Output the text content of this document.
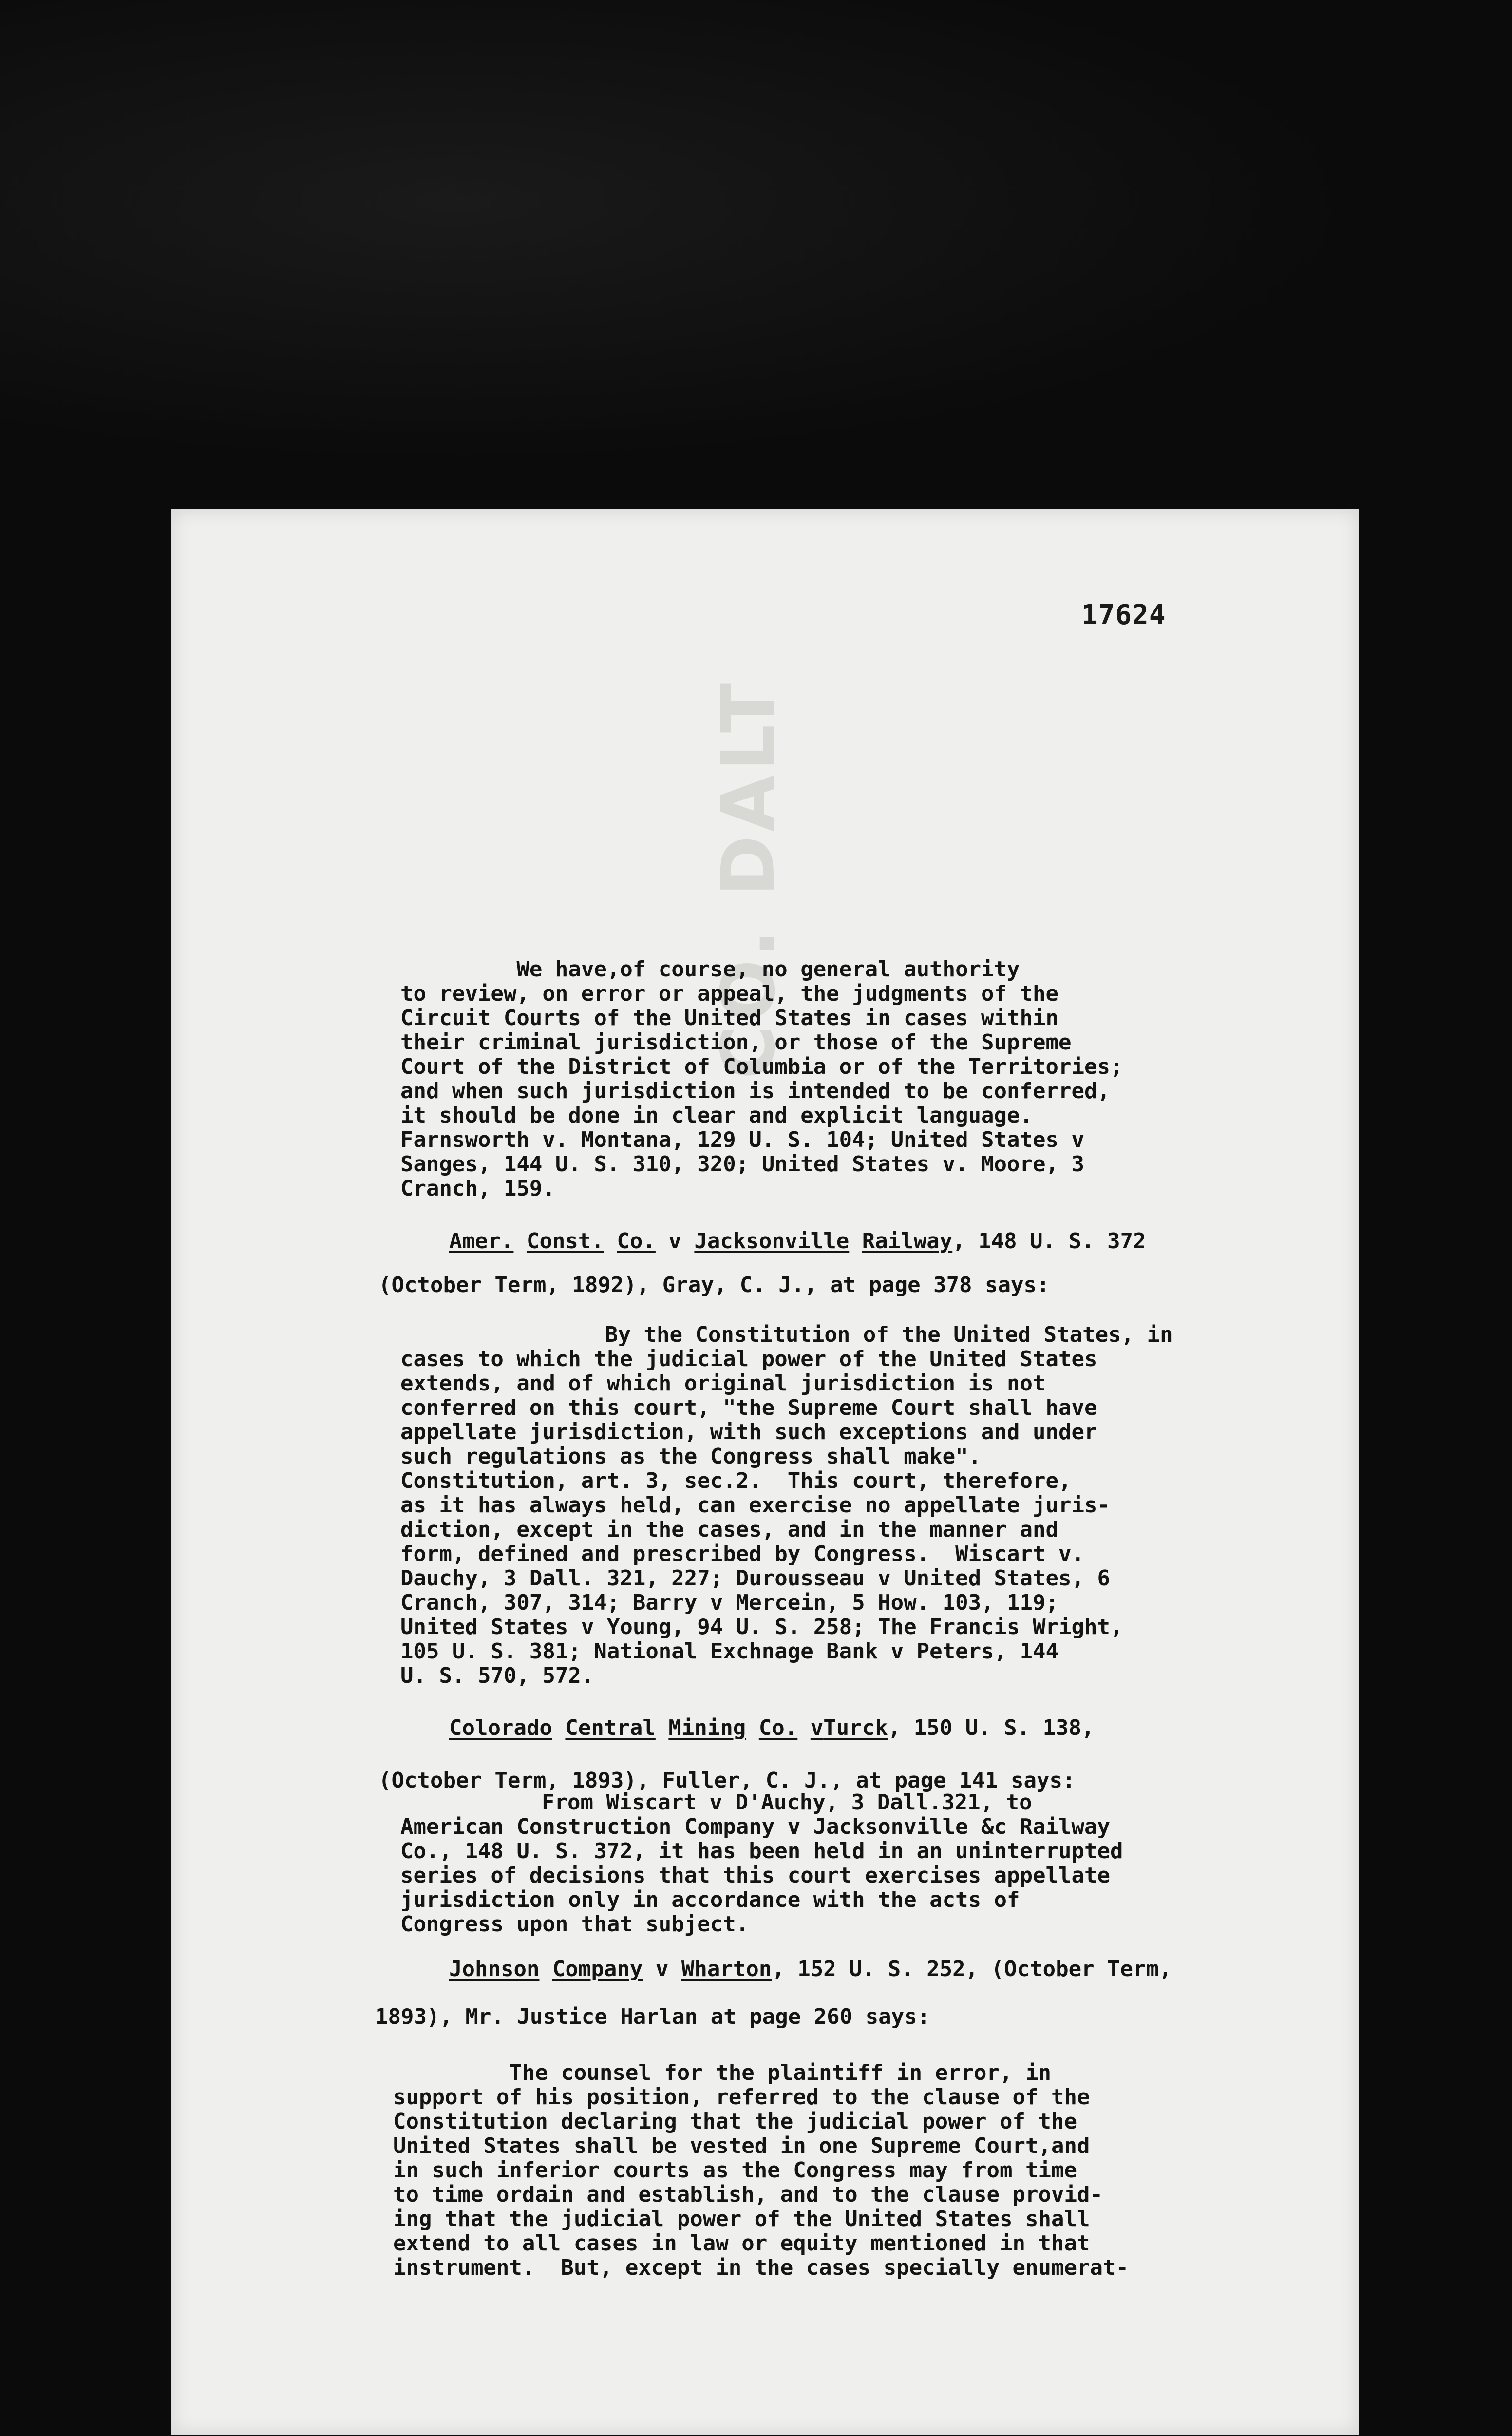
CO. DALT
17624

We have,of course, no general authority
to review, on error or appeal, the judgments of the
Circuit Courts of the United States in cases within
their criminal jurisdiction, or those of the Supreme
Court of the District of Columbia or of the Territories;
and when such jurisdiction is intended to be conferred,
it should be done in clear and explicit language.
Farnsworth v. Montana, 129 U. S. 104; United States v
Sanges, 144 U. S. 310, 320; United States v. Moore, 3
Cranch, 159.

Amer. Const. Co. v Jacksonville Railway, 148 U. S. 372

(October Term, 1892), Gray, C. J., at page 378 says:

By the Constitution of the United States, in
cases to which the judicial power of the United States
extends, and of which original jurisdiction is not
conferred on this court, "the Supreme Court shall have
appellate jurisdiction, with such exceptions and under
such regulations as the Congress shall make".
Constitution, art. 3, sec.2.  This court, therefore,
as it has always held, can exercise no appellate juris-
diction, except in the cases, and in the manner and
form, defined and prescribed by Congress.  Wiscart v.
Dauchy, 3 Dall. 321, 227; Durousseau v United States, 6
Cranch, 307, 314; Barry v Mercein, 5 How. 103, 119;
United States v Young, 94 U. S. 258; The Francis Wright,
105 U. S. 381; National Exchnage Bank v Peters, 144
U. S. 570, 572.

Colorado Central Mining Co. vTurck, 150 U. S. 138,

(October Term, 1893), Fuller, C. J., at page 141 says:

From Wiscart v D'Auchy, 3 Dall.321, to
American Construction Company v Jacksonville &c Railway
Co., 148 U. S. 372, it has been held in an uninterrupted
series of decisions that this court exercises appellate
jurisdiction only in accordance with the acts of
Congress upon that subject.

Johnson Company v Wharton, 152 U. S. 252, (October Term,

1893), Mr. Justice Harlan at page 260 says:

The counsel for the plaintiff in error, in
support of his position, referred to the clause of the
Constitution declaring that the judicial power of the
United States shall be vested in one Supreme Court,and
in such inferior courts as the Congress may from time
to time ordain and establish, and to the clause provid-
ing that the judicial power of the United States shall
extend to all cases in law or equity mentioned in that
instrument.  But, except in the cases specially enumerat-
